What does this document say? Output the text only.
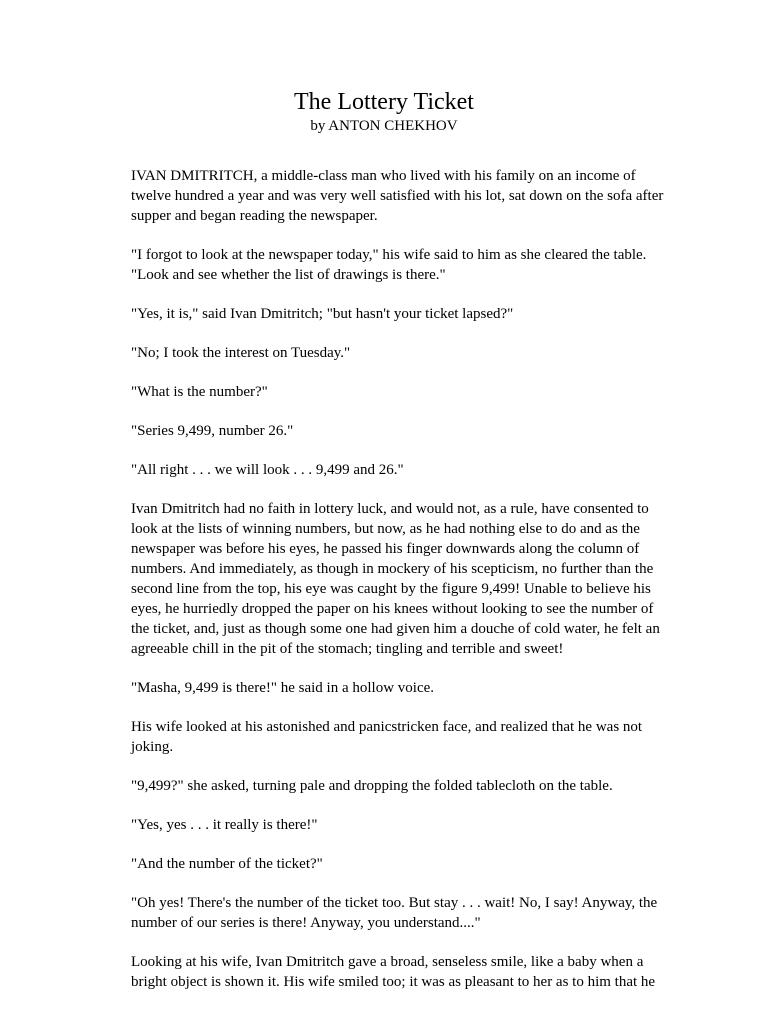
The Lottery Ticket
by ANTON CHEKHOV

IVAN DMITRITCH, a middle-class man who lived with his family on an income of
twelve hundred a year and was very well satisfied with his lot, sat down on the sofa after
supper and began reading the newspaper.

"I forgot to look at the newspaper today," his wife said to him as she cleared the table.
"Look and see whether the list of drawings is there."

"Yes, it is," said Ivan Dmitritch; "but hasn't your ticket lapsed?"

"No; I took the interest on Tuesday."

"What is the number?"

"Series 9,499, number 26."

"All right . . . we will look . . . 9,499 and 26."

Ivan Dmitritch had no faith in lottery luck, and would not, as a rule, have consented to
look at the lists of winning numbers, but now, as he had nothing else to do and as the
newspaper was before his eyes, he passed his finger downwards along the column of
numbers. And immediately, as though in mockery of his scepticism, no further than the
second line from the top, his eye was caught by the figure 9,499! Unable to believe his
eyes, he hurriedly dropped the paper on his knees without looking to see the number of
the ticket, and, just as though some one had given him a douche of cold water, he felt an
agreeable chill in the pit of the stomach; tingling and terrible and sweet!

"Masha, 9,499 is there!" he said in a hollow voice.

His wife looked at his astonished and panicstricken face, and realized that he was not
joking.

"9,499?" she asked, turning pale and dropping the folded tablecloth on the table.

"Yes, yes . . . it really is there!"

"And the number of the ticket?"

"Oh yes! There's the number of the ticket too. But stay . . . wait! No, I say! Anyway, the
number of our series is there! Anyway, you understand...."

Looking at his wife, Ivan Dmitritch gave a broad, senseless smile, like a baby when a
bright object is shown it. His wife smiled too; it was as pleasant to her as to him that he
